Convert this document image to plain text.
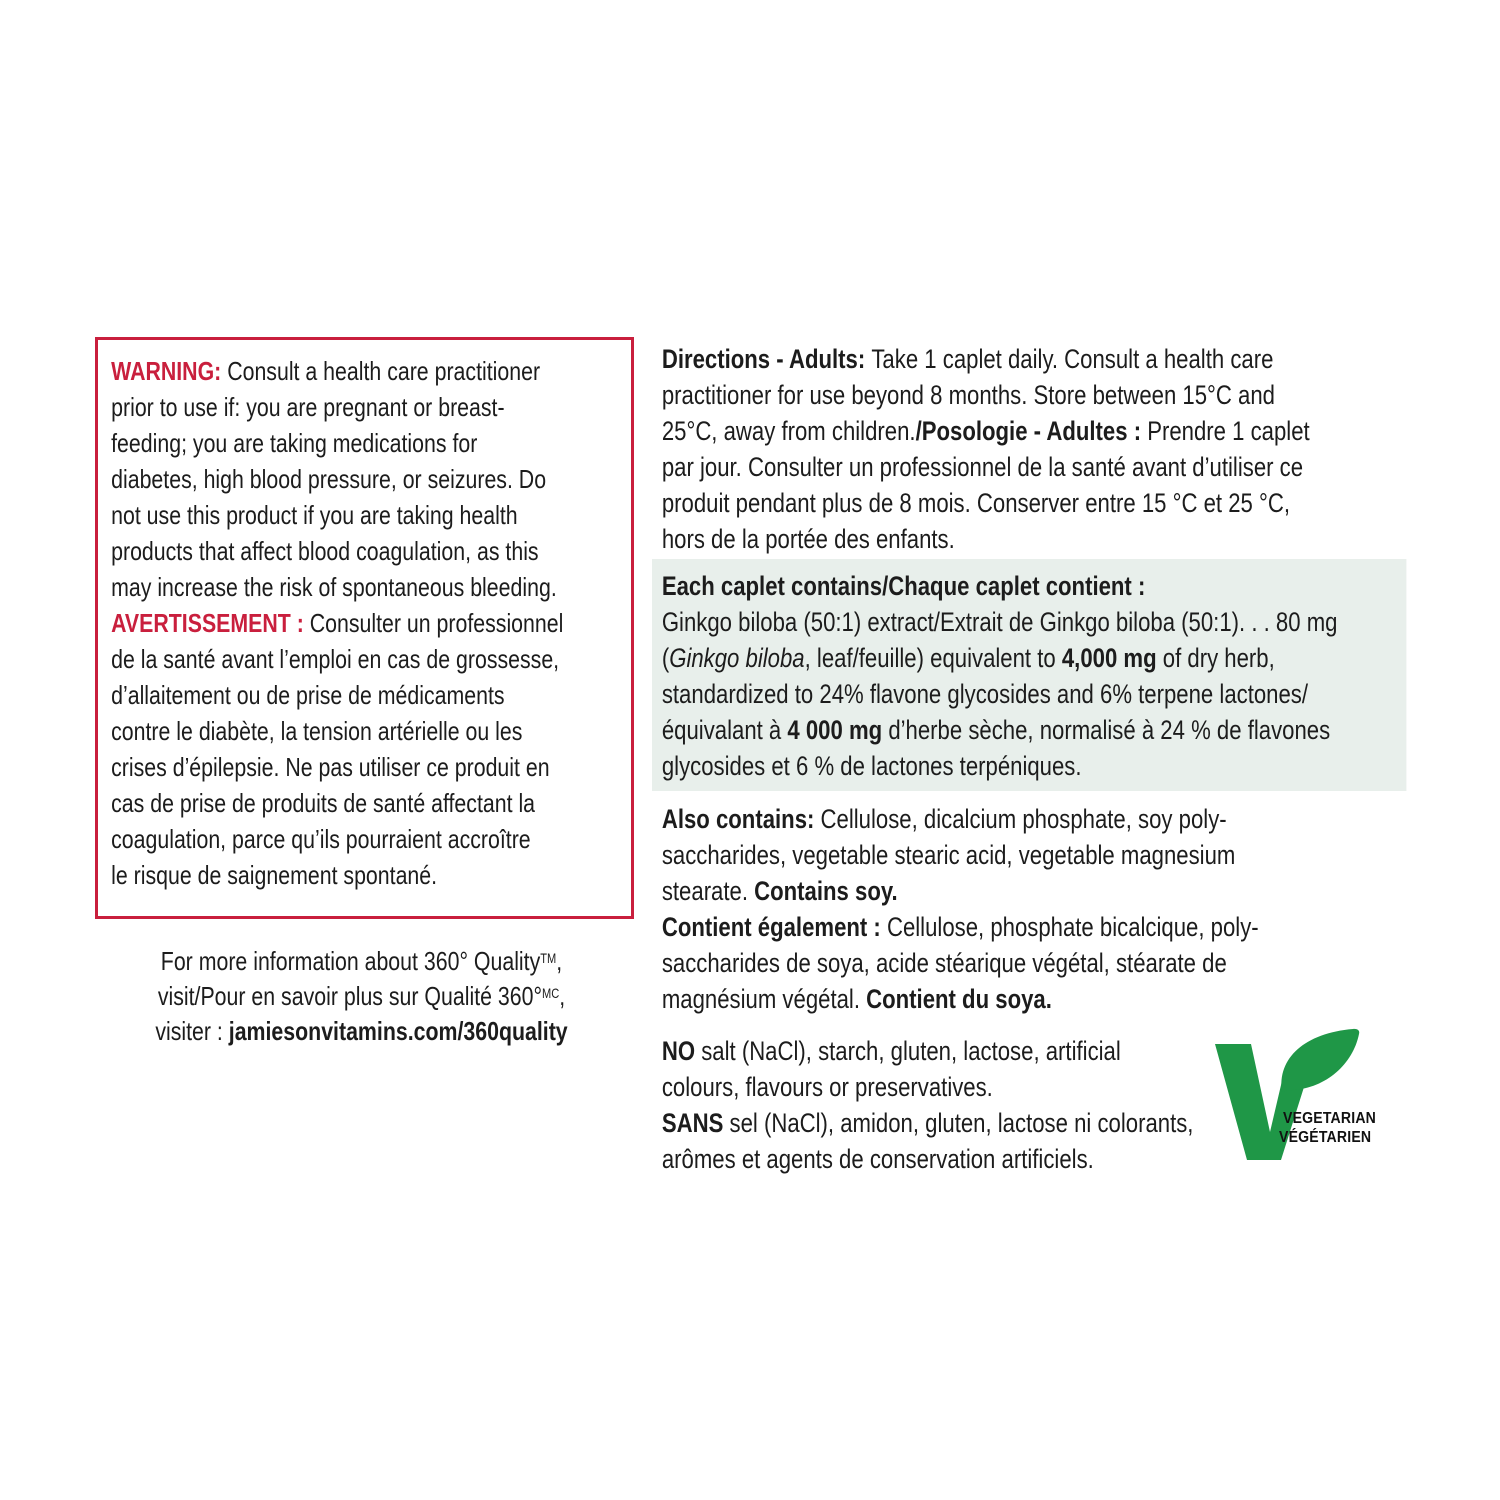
WARNING: Consult a health care practitioner
prior to use if: you are pregnant or breast-
feeding; you are taking medications for
diabetes, high blood pressure, or seizures. Do
not use this product if you are taking health
products that affect blood coagulation, as this
may increase the risk of spontaneous bleeding.
AVERTISSEMENT : Consulter un professionnel
de la santé avant l’emploi en cas de grossesse,
d’allaitement ou de prise de médicaments
contre le diabète, la tension artérielle ou les
crises d’épilepsie. Ne pas utiliser ce produit en
cas de prise de produits de santé affectant la
coagulation, parce qu’ils pourraient accroître
le risque de saignement spontané.
For more information about 360° Quality™,
visit/Pour en savoir plus sur Qualité 360°$^{MC}$,
visiter : jamiesonvitamins.com/360quality
Directions - Adults: Take 1 caplet daily. Consult a health care
practitioner for use beyond 8 months. Store between 15°C and
25°C, away from children./Posologie - Adultes : Prendre 1 caplet
par jour. Consulter un professionnel de la santé avant d’utiliser ce
produit pendant plus de 8 mois. Conserver entre 15 °C et 25 °C,
hors de la portée des enfants.
Each caplet contains/Chaque caplet contient :
Ginkgo biloba (50:1) extract/Extrait de Ginkgo biloba (50:1). . . 80 mg
(Ginkgo biloba, leaf/feuille) equivalent to 4,000 mg of dry herb,
standardized to 24% flavone glycosides and 6% terpene lactones/
équivalant à 4 000 mg d’herbe sèche, normalisé à 24 % de flavones
glycosides et 6 % de lactones terpéniques.
Also contains: Cellulose, dicalcium phosphate, soy poly-
saccharides, vegetable stearic acid, vegetable magnesium
stearate. Contains soy.
Contient également : Cellulose, phosphate bicalcique, poly-
saccharides de soya, acide stéarique végétal, stéarate de
magnésium végétal. Contient du soya.
NO salt (NaCl), starch, gluten, lactose, artificial
colours, flavours or preservatives.
SANS sel (NaCl), amidon, gluten, lactose ni colorants,
arômes et agents de conservation artificiels.
VEGETARIAN
VÉGÉTARIEN
